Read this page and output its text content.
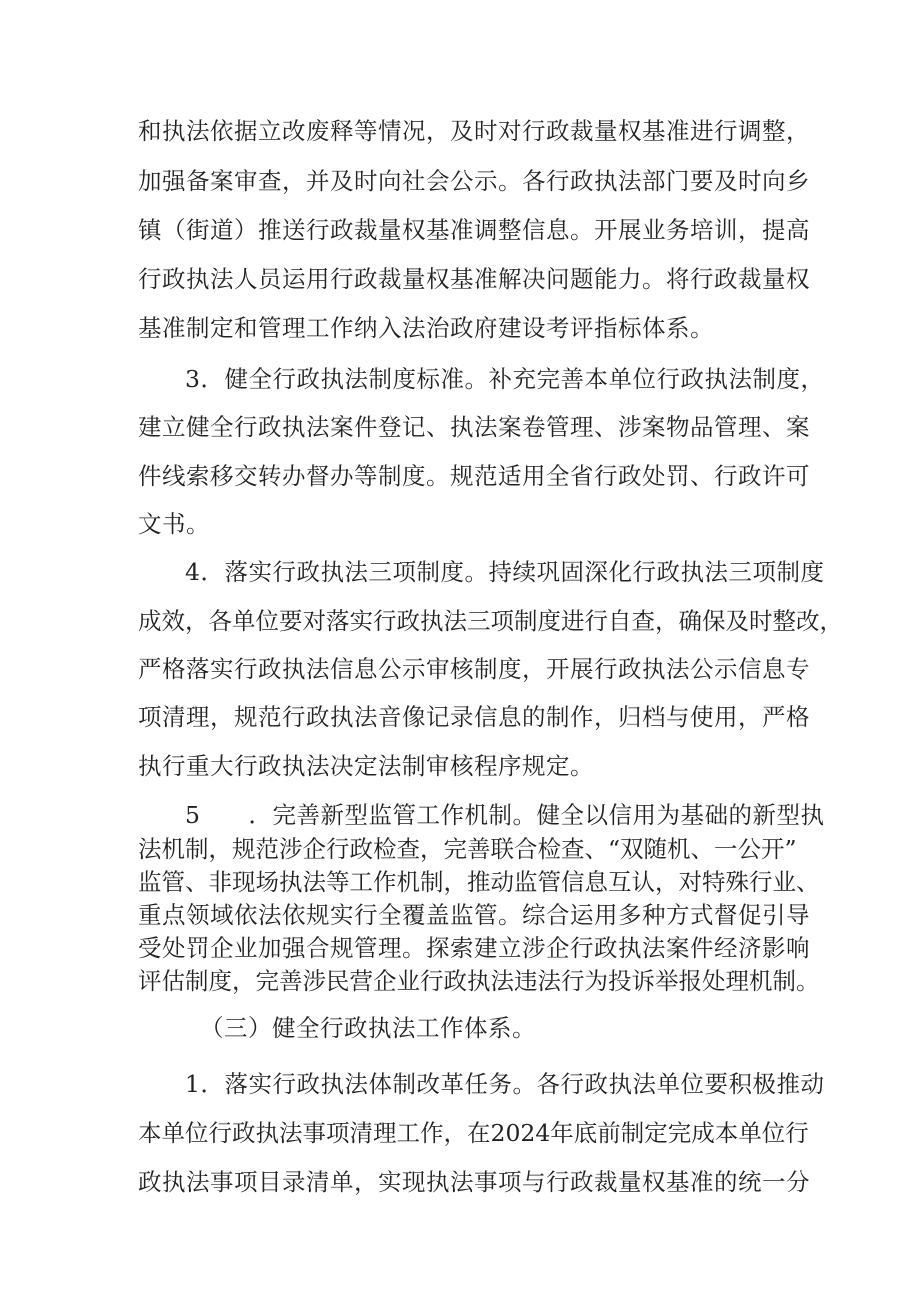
和执法依据立改废释等情况，及时对行政裁量权基准进行调整，
加强备案审查，并及时向社会公示。各行政执法部门要及时向乡
镇（街道）推送行政裁量权基准调整信息。开展业务培训，提高
行政执法人员运用行政裁量权基准解决问题能力。将行政裁量权
基准制定和管理工作纳入法治政府建设考评指标体系。
3．健全行政执法制度标准。补充完善本单位行政执法制度，
建立健全行政执法案件登记、执法案卷管理、涉案物品管理、案
件线索移交转办督办等制度。规范适用全省行政处罚、行政许可
文书。
4．落实行政执法三项制度。持续巩固深化行政执法三项制度
成效，各单位要对落实行政执法三项制度进行自查，确保及时整改，
严格落实行政执法信息公示审核制度，开展行政执法公示信息专
项清理，规范行政执法音像记录信息的制作，归档与使用，严格
执行重大行政执法决定法制审核程序规定。
5　　．完善新型监管工作机制。健全以信用为基础的新型执
法机制，规范涉企行政检查，完善联合检查、“双随机、一公开”
监管、非现场执法等工作机制，推动监管信息互认，对特殊行业、
重点领域依法依规实行全覆盖监管。综合运用多种方式督促引导
受处罚企业加强合规管理。探索建立涉企行政执法案件经济影响
评估制度，完善涉民营企业行政执法违法行为投诉举报处理机制。
（三）健全行政执法工作体系。
1．落实行政执法体制改革任务。各行政执法单位要积极推动
本单位行政执法事项清理工作，在2024年底前制定完成本单位行
政执法事项目录清单，实现执法事项与行政裁量权基准的统一分
